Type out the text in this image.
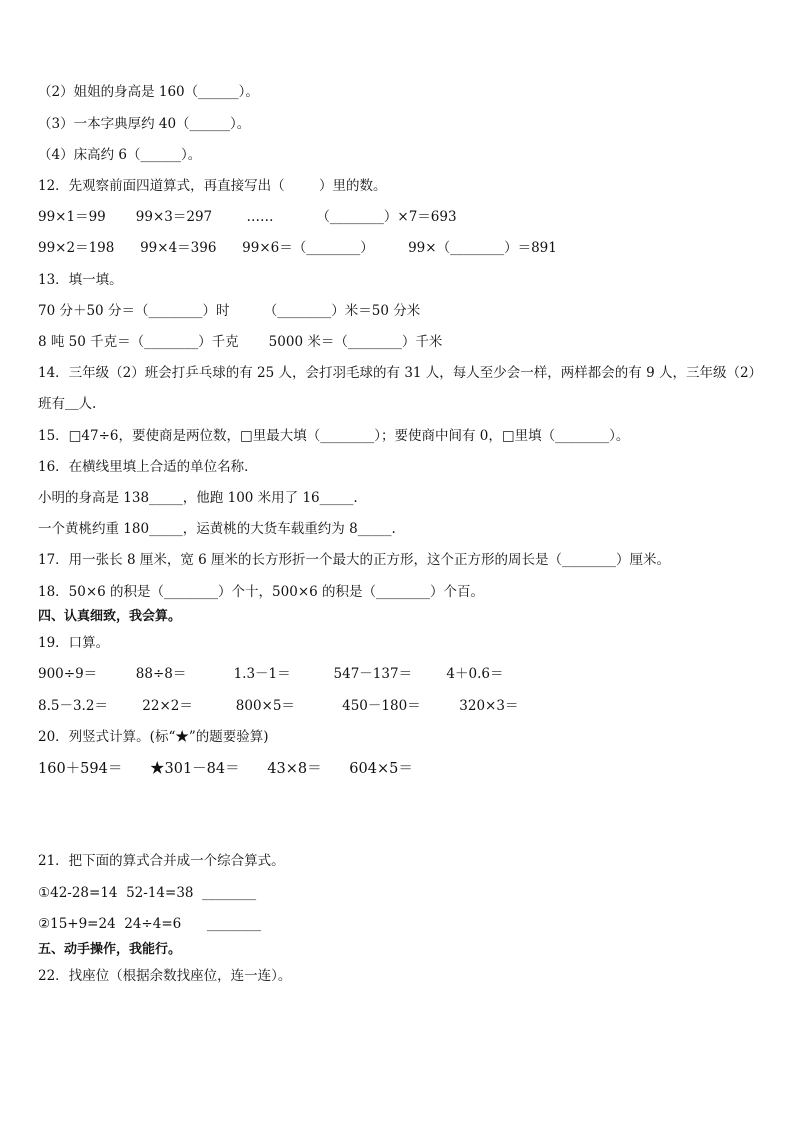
（2）姐姐的身高是 160（______）。
（3）一本字典厚约 40（______）。
（4）床高约 6（______）。
12．先观察前面四道算式，再直接写出（        ）里的数。
99×1＝99       99×3＝297        ……          （________）×7＝693
99×2＝198      99×4＝396      99×6＝（________）        99×（________）＝891
13．填一填。
70 分＋50 分＝（________）时        （________）米＝50 分米
8 吨 50 千克＝（________）千克       5000 米＝（________）千米
14．三年级（2）班会打乒乓球的有 25 人，会打羽毛球的有 31 人，每人至少会一样，两样都会的有 9 人，三年级（2）
班有＿人.
15．□47÷6，要使商是两位数，□里最大填（________）；要使商中间有 0，□里填（________）。
16．在横线里填上合适的单位名称．
小明的身高是 138_____，他跑 100 米用了 16_____.
一个黄桃约重 180_____，运黄桃的大货车载重约为 8_____.
17．用一张长 8 厘米，宽 6 厘米的长方形折一个最大的正方形，这个正方形的周长是（________）厘米。
18．50×6 的积是（________）个十，500×6 的积是（________）个百。
四、认真细致，我会算。
19．口算。
900÷9＝         88÷8＝           1.3－1＝          547－137＝        4＋0.6＝
8.5－3.2＝        22×2＝          800×5＝           450－180＝         320×3＝
20．列竖式计算。(标“★”的题要验算)
160＋594＝      ★301－84＝      43×8＝      604×5＝
21．把下面的算式合并成一个综合算式。
①42-28=14  52-14=38  ________
②15+9=24  24÷4=6      ________
五、动手操作，我能行。
22．找座位（根据余数找座位，连一连）。
